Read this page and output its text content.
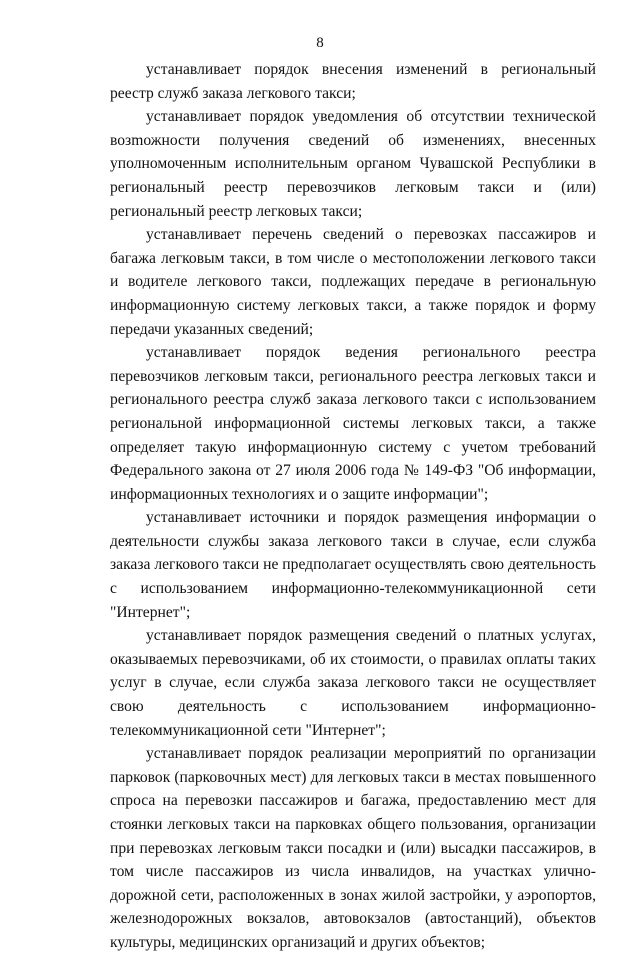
8

устанавливает порядок внесения изменений в региональный реестр служб заказа легкового такси;

устанавливает порядок уведомления об отсутствии технической возmожности получения сведений об изменениях, внесенных уполномоченным исполнительным органом Чувашской Республики в региональный реестр перевозчиков легковым такси и (или) региональный реестр легковых такси;

устанавливает перечень сведений о перевозках пассажиров и багажа легковым такси, в том числе о местоположении легкового такси и водителе легкового такси, подлежащих передаче в региональную информационную систему легковых такси, а также порядок и форму передачи указанных сведений;

устанавливает порядок ведения регионального реестра перевозчиков легковым такси, регионального реестра легковых такси и регионального реестра служб заказа легкового такси с использованием региональной информационной системы легковых такси, а также определяет такую информационную систему с учетом требований Федерального закона от 27 июля 2006 года № 149-ФЗ "Об информации, информационных технологиях и о защите информации";

устанавливает источники и порядок размещения информации о деятельности службы заказа легкового такси в случае, если служба заказа легкового такси не предполагает осуществлять свою деятельность с использованием информационно-телекоммуникационной сети "Интернет";

устанавливает порядок размещения сведений о платных услугах, оказываемых перевозчиками, об их стоимости, о правилах оплаты таких услуг в случае, если служба заказа легкового такси не осуществляет свою деятельность с использованием информационно-телекоммуникационной сети "Интернет";

устанавливает порядок реализации мероприятий по организации парковок (парковочных мест) для легковых такси в местах повышенного спроса на перевозки пассажиров и багажа, предоставлению мест для стоянки легковых такси на парковках общего пользования, организации при перевозках легковым такси посадки и (или) высадки пассажиров, в том числе пассажиров из числа инвалидов, на участках улично-дорожной сети, расположенных в зонах жилой застройки, у аэропортов, железнодорожных вокзалов, автовокзалов (автостанций), объектов культуры, медицинских организаций и других объектов;
